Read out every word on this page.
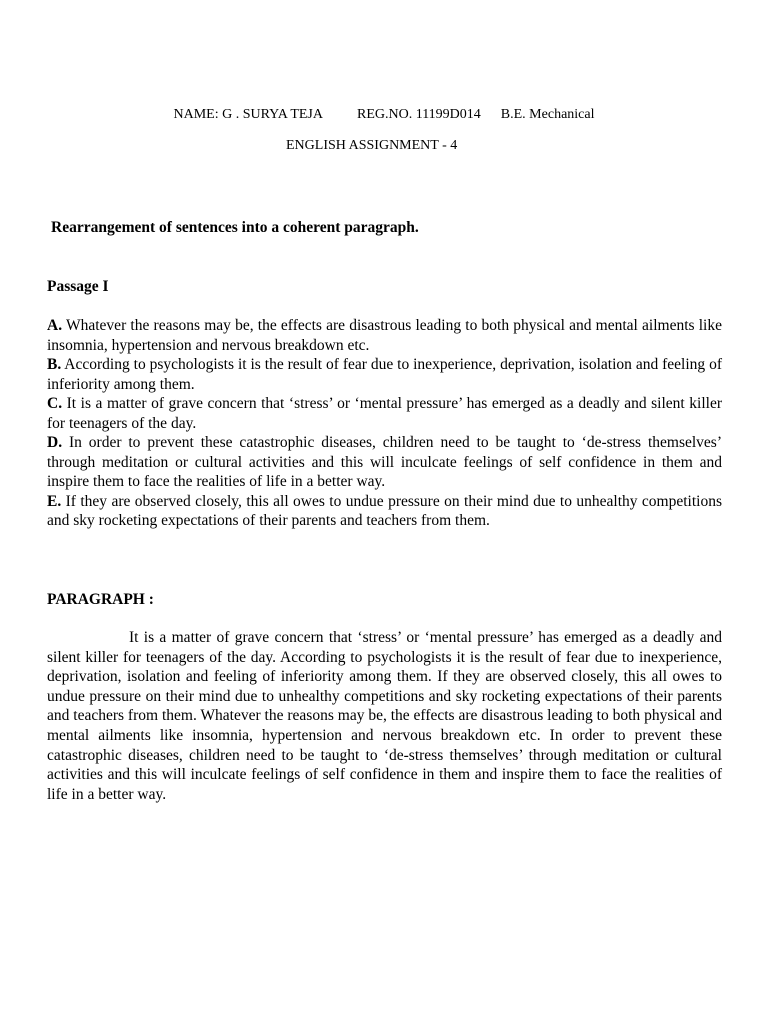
NAME: G . SURYA TEJA REG.NO. 11199D014 B.E. Mechanical
ENGLISH ASSIGNMENT - 4
Rearrangement of sentences into a coherent paragraph.
Passage I

A. Whatever the reasons may be, the effects are disastrous leading to both physical and mental ailments like insomnia, hypertension and nervous breakdown etc.

B. According to psychologists it is the result of fear due to inexperience, deprivation, isolation and feeling of inferiority among them.

C. It is a matter of grave concern that ‘stress’ or ‘mental pressure’ has emerged as a deadly and silent killer for teenagers of the day.

D. In order to prevent these catastrophic diseases, children need to be taught to ‘de-stress themselves’ through meditation or cultural activities and this will inculcate feelings of self confidence in them and inspire them to face the realities of life in a better way.

E. If they are observed closely, this all owes to undue pressure on their mind due to unhealthy competitions and sky rocketing expectations of their parents and teachers from them.

PARAGRAPH :

It is a matter of grave concern that ‘stress’ or ‘mental pressure’ has emerged as a deadly and silent killer for teenagers of the day. According to psychologists it is the result of fear due to inexperience, deprivation, isolation and feeling of inferiority among them. If they are observed closely, this all owes to undue pressure on their mind due to unhealthy competitions and sky rocketing expectations of their parents and teachers from them. Whatever the reasons may be, the effects are disastrous leading to both physical and mental ailments like insomnia, hypertension and nervous breakdown etc. In order to prevent these catastrophic diseases, children need to be taught to ‘de-stress themselves’ through meditation or cultural activities and this will inculcate feelings of self confidence in them and inspire them to face the realities of life in a better way.
